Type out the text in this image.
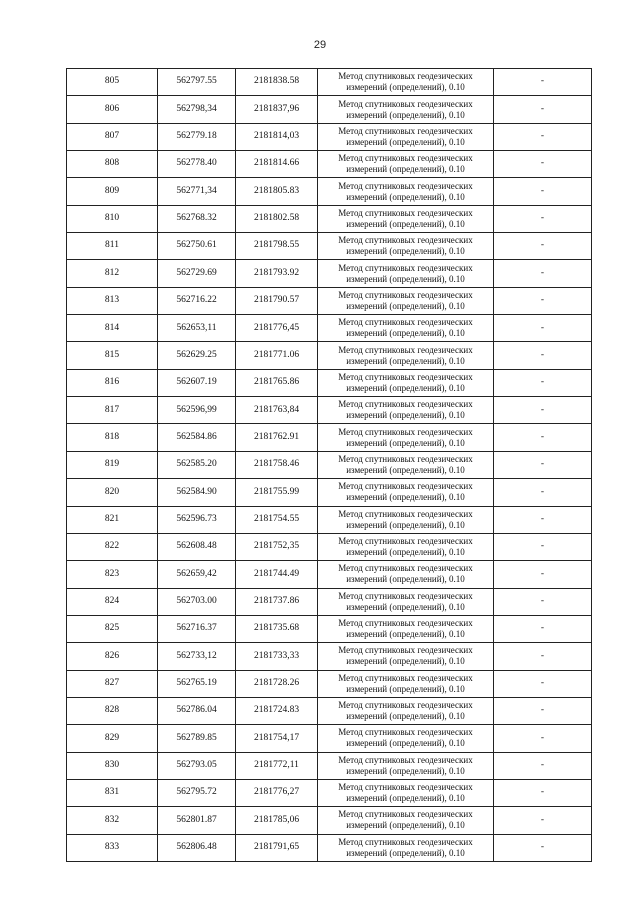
29
805	562797.55	2181838.58	Метод спутниковых геодезических
измерений (определений), 0.10	-
806	562798,34	2181837,96	Метод спутниковых геодезических
измерений (определений), 0.10	-
807	562779.18	2181814,03	Метод спутниковых геодезических
измерений (определений), 0.10	-
808	562778.40	2181814.66	Метод спутниковых геодезических
измерений (определений), 0.10	-
809	562771,34	2181805.83	Метод спутниковых геодезических
измерений (определений), 0.10	-
810	562768.32	2181802.58	Метод спутниковых геодезических
измерений (определений), 0.10	-
811	562750.61	2181798.55	Метод спутниковых геодезических
измерений (определений), 0.10	-
812	562729.69	2181793.92	Метод спутниковых геодезических
измерений (определений), 0.10	-
813	562716.22	2181790.57	Метод спутниковых геодезических
измерений (определений), 0.10	-
814	562653,11	2181776,45	Метод спутниковых геодезических
измерений (определений), 0.10	-
815	562629.25	2181771.06	Метод спутниковых геодезических
измерений (определений), 0.10	-
816	562607.19	2181765.86	Метод спутниковых геодезических
измерений (определений), 0.10	-
817	562596,99	2181763,84	Метод спутниковых геодезических
измерений (определений), 0.10	-
818	562584.86	2181762.91	Метод спутниковых геодезических
измерений (определений), 0.10	-
819	562585.20	2181758.46	Метод спутниковых геодезических
измерений (определений), 0.10	-
820	562584.90	2181755.99	Метод спутниковых геодезических
измерений (определений), 0.10	-
821	562596.73	2181754.55	Метод спутниковых геодезических
измерений (определений), 0.10	-
822	562608.48	2181752,35	Метод спутниковых геодезических
измерений (определений), 0.10	-
823	562659,42	2181744.49	Метод спутниковых геодезических
измерений (определений), 0.10	-
824	562703.00	2181737.86	Метод спутниковых геодезических
измерений (определений), 0.10	-
825	562716.37	2181735.68	Метод спутниковых геодезических
измерений (определений), 0.10	-
826	562733,12	2181733,33	Метод спутниковых геодезических
измерений (определений), 0.10	-
827	562765.19	2181728.26	Метод спутниковых геодезических
измерений (определений), 0.10	-
828	562786.04	2181724.83	Метод спутниковых геодезических
измерений (определений), 0.10	-
829	562789.85	2181754,17	Метод спутниковых геодезических
измерений (определений), 0.10	-
830	562793.05	2181772,11	Метод спутниковых геодезических
измерений (определений), 0.10	-
831	562795.72	2181776,27	Метод спутниковых геодезических
измерений (определений), 0.10	-
832	562801.87	2181785,06	Метод спутниковых геодезических
измерений (определений), 0.10	-
833	562806.48	2181791,65	Метод спутниковых геодезических
измерений (определений), 0.10	-
